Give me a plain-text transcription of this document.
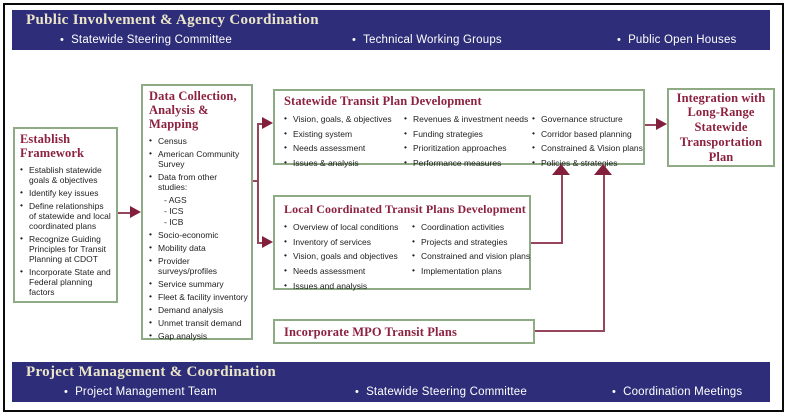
Public Involvement & Agency Coordination
• Statewide Steering Committee	• Technical Working Groups	• Public Open Houses
Establish Framework
• Establish statewide goals & objectives
• Identify key issues
• Define relationships of statewide and local coordinated plans
• Recognize Guiding Principles for Transit Planning at CDOT
• Incorporate State and Federal planning factors
Data Collection, Analysis & Mapping
• Census
• American Community Survey
• Data from other studies:
- AGS
- ICS
- ICB
• Socio-economic
• Mobility data
• Provider surveys/profiles
• Service summary
• Fleet & facility inventory
• Demand analysis
• Unmet transit demand
• Gap analysis
Statewide Transit Plan Development
• Vision, goals, & objectives
• Existing system
• Needs assessment
• Issues & analysis
• Revenues & investment needs
• Funding strategies
• Prioritization approaches
• Performance measures
• Governance structure
• Corridor based planning
• Constrained & Vision plans
• Policies & strategies
Local Coordinated Transit Plans Development
• Overview of local conditions
• Inventory of services
• Vision, goals and objectives
• Needs assessment
• Issues and analysis
• Coordination activities
• Projects and strategies
• Constrained and vision plans
• Implementation plans
Incorporate MPO Transit Plans
Integration with Long-Range Statewide Transportation Plan
Project Management & Coordination
• Project Management Team	• Statewide Steering Committee	• Coordination Meetings
